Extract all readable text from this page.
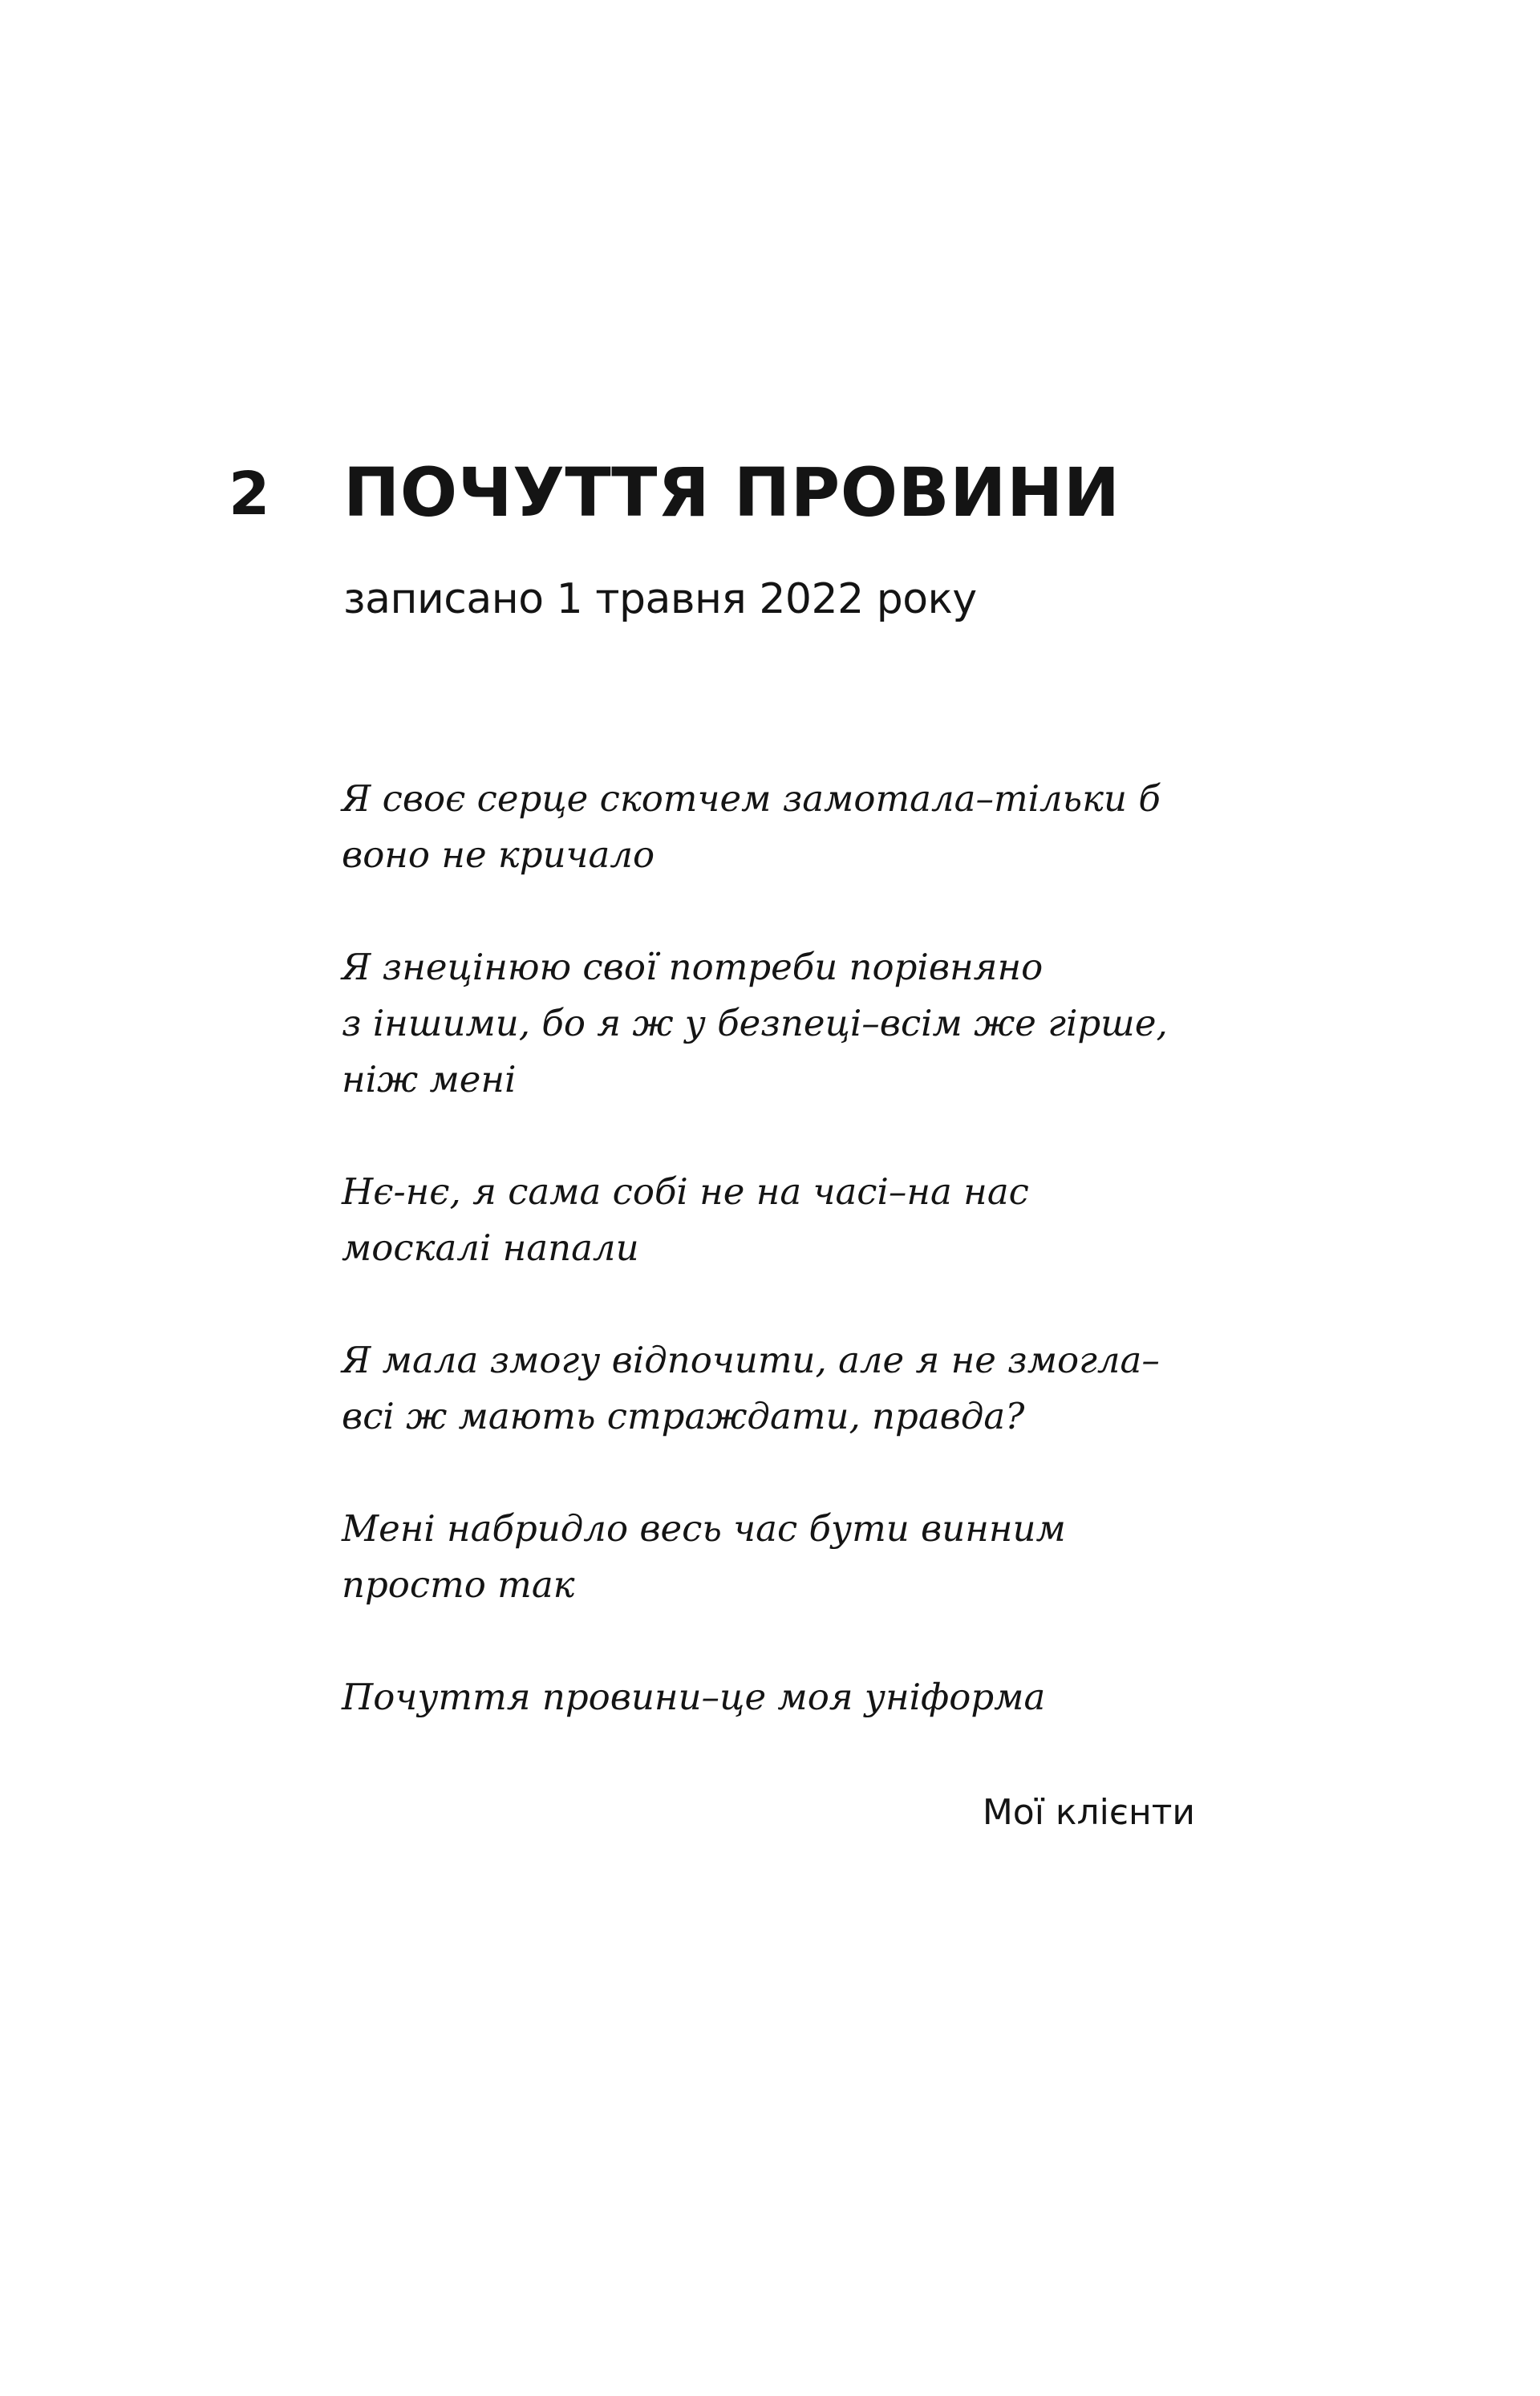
2 ПОЧУТТЯ ПРОВИНИ
записано 1 травня 2022 року
Я своє серце скотчем замотала–тільки б
воно не кричало
Я знецінюю свої потреби порівняно
з іншими, бо я ж у безпеці–всім же гірше,
ніж мені
Нє-нє, я сама собі не на часі–на нас
москалі напали
Я мала змогу відпочити, але я не змогла–
всі ж мають страждати, правда?
Мені набридло весь час бути винним
просто так
Почуття провини–це моя уніформа
Мої клієнти
